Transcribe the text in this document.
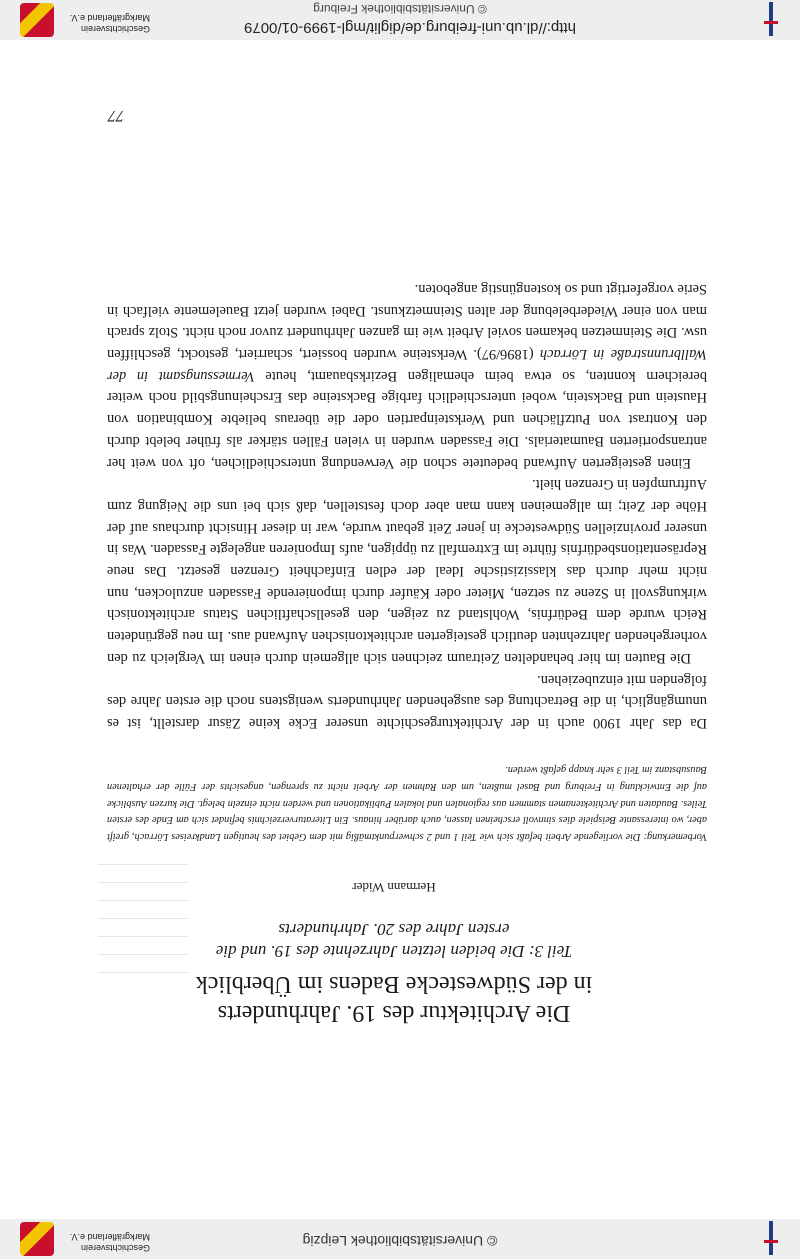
© Universitätsbibliothek Leipzig
Geschichtsverein Markgräflerland e.V.
Die Architektur des 19. Jahrhunderts
in der Südwestecke Badens im Überblick
Teil 3: Die beiden letzten Jahrzehnte des 19. und die
ersten Jahre des 20. Jahrhunderts
Hermann Wider

Vorbemerkung: Die vorliegende Arbeit befaßt sich wie Teil 1 und 2 schwerpunktmäßig mit dem Gebiet des heutigen Landkreises Lörrach, greift aber, wo interessante Beispiele dies sinnvoll erscheinen lassen, auch darüber hinaus. Ein Literaturverzeichnis befindet sich am Ende des ersten Teiles. Baudaten und Architektenamen stammen aus regionalen und lokalen Publikationen und werden nicht einzeln belegt. Die kurzen Ausblicke auf die Entwicklung in Freiburg und Basel mußten, um den Rahmen der Arbeit nicht zu sprengen, angesichts der Fülle der erhaltenen Bausubstanz im Teil 3 sehr knapp gefaßt werden.

Da das Jahr 1900 auch in der Architekturgeschichte unserer Ecke keine Zäsur darstellt, ist es unumgänglich, in die Betrachtung des ausgehenden Jahrhunderts wenigstens noch die ersten Jahre des folgenden mit einzubeziehen.

Die Bauten im hier behandelten Zeitraum zeichnen sich allgemein durch einen im Vergleich zu den vorhergehenden Jahrzehnten deutlich gesteigerten architektonischen Aufwand aus. Im neu gegründeten Reich wurde dem Bedürfnis, Wohlstand zu zeigen, den gesellschaftlichen Status architektonisch wirkungsvoll in Szene zu setzen, Mieter oder Käufer durch imponierende Fassaden anzulocken, nun nicht mehr durch das klassizistische Ideal der edlen Einfachheit Grenzen gesetzt. Das neue Repräsentationsbedürfnis führte im Extremfall zu üppigen, aufs Imponieren angelegte Fassaden. Was in unserer provinziellen Südwestecke in jener Zeit gebaut wurde, war in dieser Hinsicht durchaus auf der Höhe der Zeit; im allgemeinen kann man aber doch feststellen, daß sich bei uns die Neigung zum Auftrumpfen in Grenzen hielt.

Einen gesteigerten Aufwand bedeutete schon die Verwendung unterschiedlichen, oft von weit her antransportierten Baumaterials. Die Fassaden wurden in vielen Fällen stärker als früher belebt durch den Kontrast von Putzflächen und Werksteinpartien oder die überaus beliebte Kombination von Haustein und Backstein, wobei unterschiedlich farbige Backsteine das Erscheinungsbild noch weiter bereichern konnten, so etwa beim ehemaligen Bezirksbauamt, heute Vermessungsamt in der Wallbrunnstraße in Lörrach (1896/97). Werksteine wurden bossiert, scharriert, gestockt, geschliffen usw. Die Steinmetzen bekamen soviel Arbeit wie im ganzen Jahrhundert zuvor noch nicht. Stolz sprach man von einer Wiederbelebung der alten Steinmetzkunst. Dabei wurden jetzt Bauelemente vielfach in Serie vorgefertigt und so kostengünstig angeboten.

77
http://dl.ub.uni-freiburg.de/diglit/mgl-1999-01/0079
© Universitätsbibliothek Freiburg
Geschichtsverein Markgräflerland e.V.
